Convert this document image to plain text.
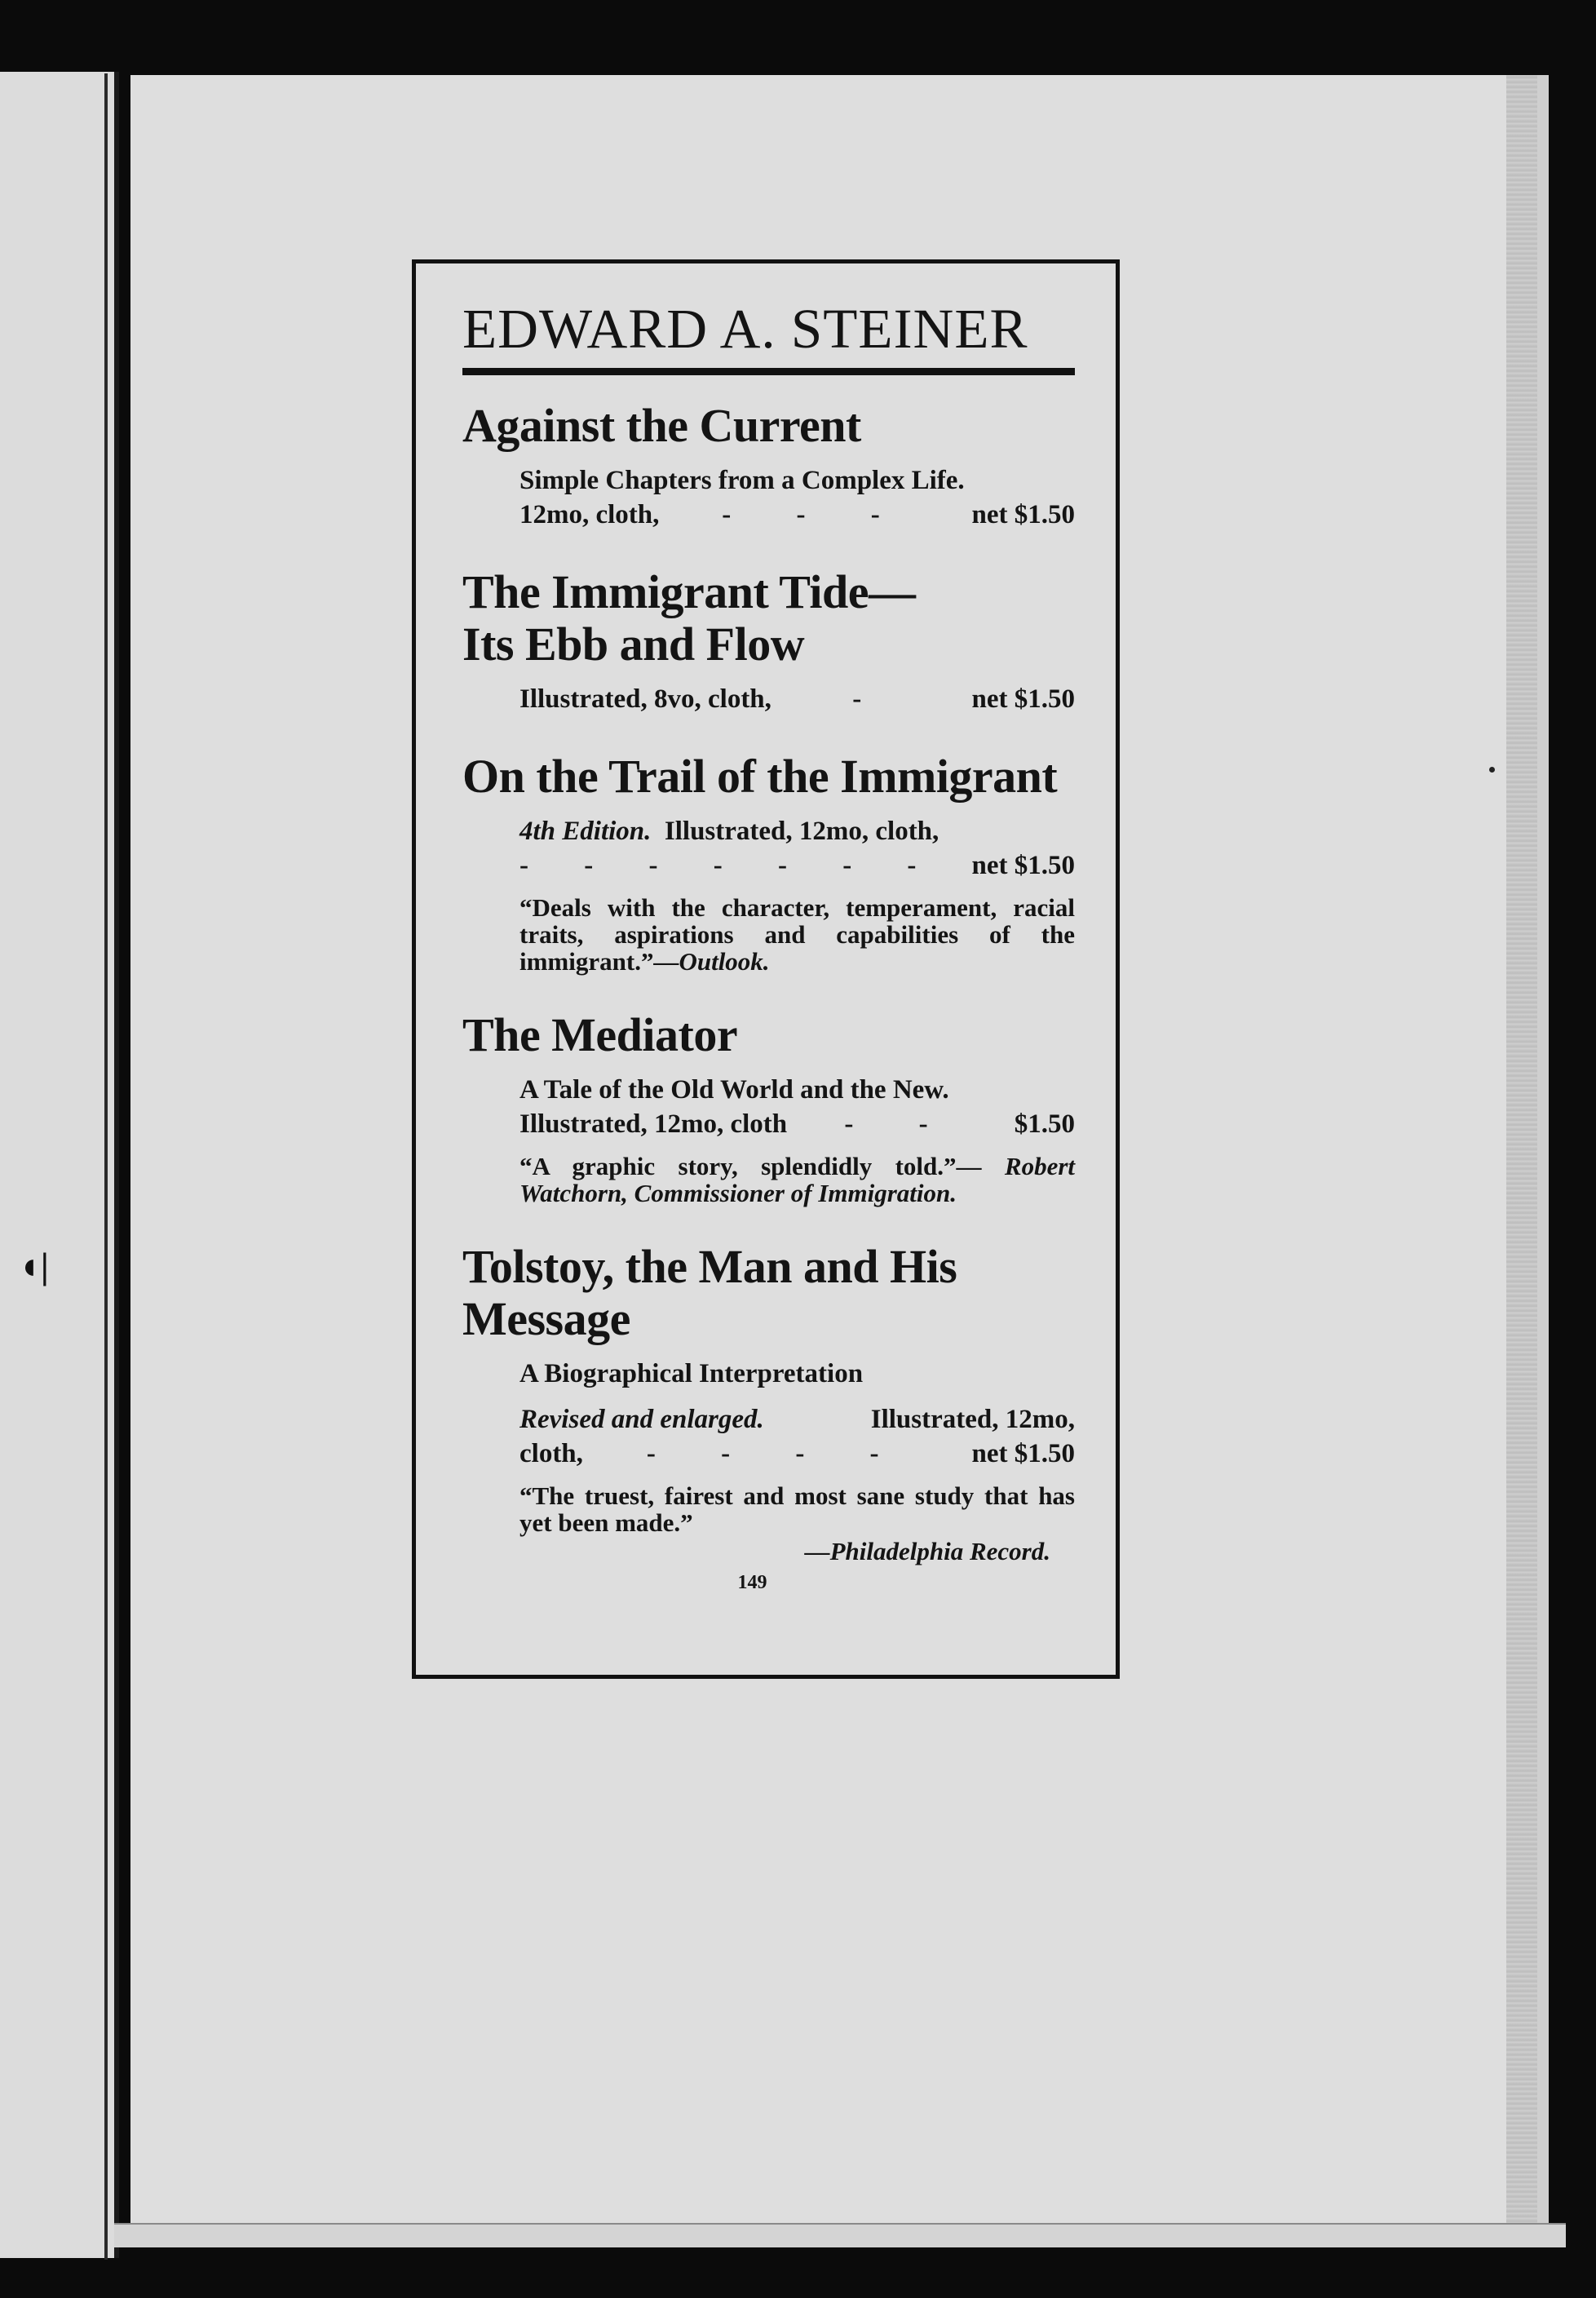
◖|
EDWARD A. STEINER
Against the Current
Simple Chapters from a Complex Life.
12mo, cloth,	- - -	net $1.50
The Immigrant Tide—
Its Ebb and Flow
Illustrated, 8vo, cloth,	-	net $1.50
On the Trail of the Immigrant
4th Edition. Illustrated, 12mo, cloth,
- - - - - - -	net $1.50
“Deals with the character, temperament, racial traits, aspirations and capabilities of the immigrant.”—Outlook.
The Mediator
A Tale of the Old World and the New.
Illustrated, 12mo, cloth	- -	$1.50
“A graphic story, splendidly told.”— Robert Watchorn, Commissioner of Immigration.
Tolstoy, the Man and His
Message
A Biographical Interpretation
Revised and enlarged.	Illustrated, 12mo,
cloth,	- - - -	net $1.50
“The truest, fairest and most sane study that has yet been made.”
—Philadelphia Record.
149
